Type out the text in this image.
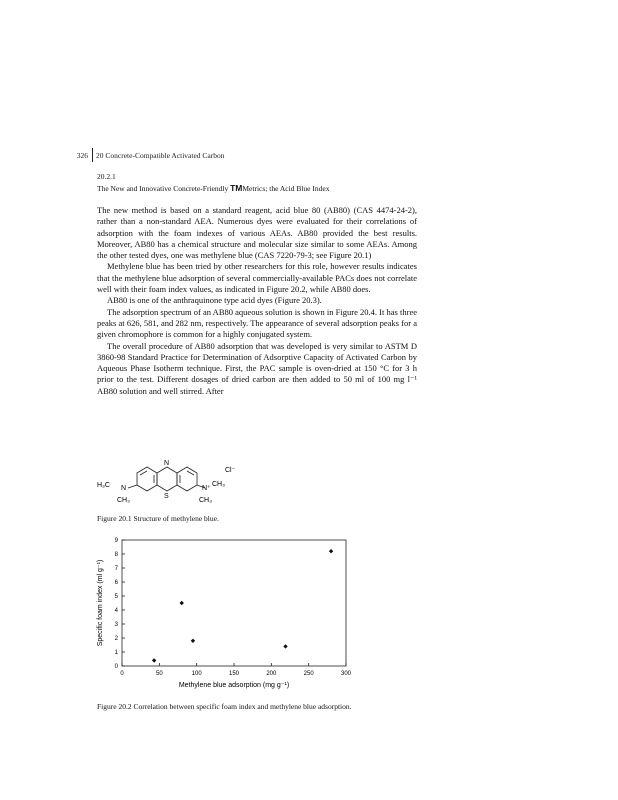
326 20 Concrete-Compatible Activated Carbon
20.2.1
The New and Innovative Concrete-Friendly TMMetrics; the Acid Blue Index

The new method is based on a standard reagent, acid blue 80 (AB80) (CAS 4474-24-2), rather than a non-standard AEA. Numerous dyes were evaluated for their correlations of adsorption with the foam indexes of various AEAs. AB80 provided the best results. Moreover, AB80 has a chemical structure and molecular size similar to some AEAs. Among the other tested dyes, one was methylene blue (CAS 7220-79-3; see Figure 20.1)

Methylene blue has been tried by other researchers for this role, however results indicates that the methylene blue adsorption of several commercially-available PACs does not correlate well with their foam index values, as indicated in Figure 20.2, while AB80 does.

AB80 is one of the anthraquinone type acid dyes (Figure 20.3).

The adsorption spectrum of an AB80 aqueous solution is shown in Figure 20.4. It has three peaks at 626, 581, and 282 nm, respectively. The appearance of several adsorption peaks for a given chromophore is common for a highly conjugated system.

The overall procedure of AB80 adsorption that was developed is very similar to ASTM D 3860-98 Standard Practice for Determination of Adsorptive Capacity of Activated Carbon by Aqueous Phase Isotherm technique. First, the PAC sample is oven-dried at 150 °C for 3 h prior to the test. Different dosages of dried carbon are then added to 50 ml of 100 mg l⁻¹ AB80 solution and well stirred. After

H₃C N
CH₃
N
S
N⁺
CH₃
CH₃
Cl⁻
Figure 20.1 Structure of methylene blue.
0	50	100	150	200	250	300
0
1
2
3
4
5
6
7
8
9
Methylene blue adsorption (mg g⁻¹)
Specific foam index (ml g⁻¹)
Figure 20.2 Correlation between specific foam index and methylene blue adsorption.
